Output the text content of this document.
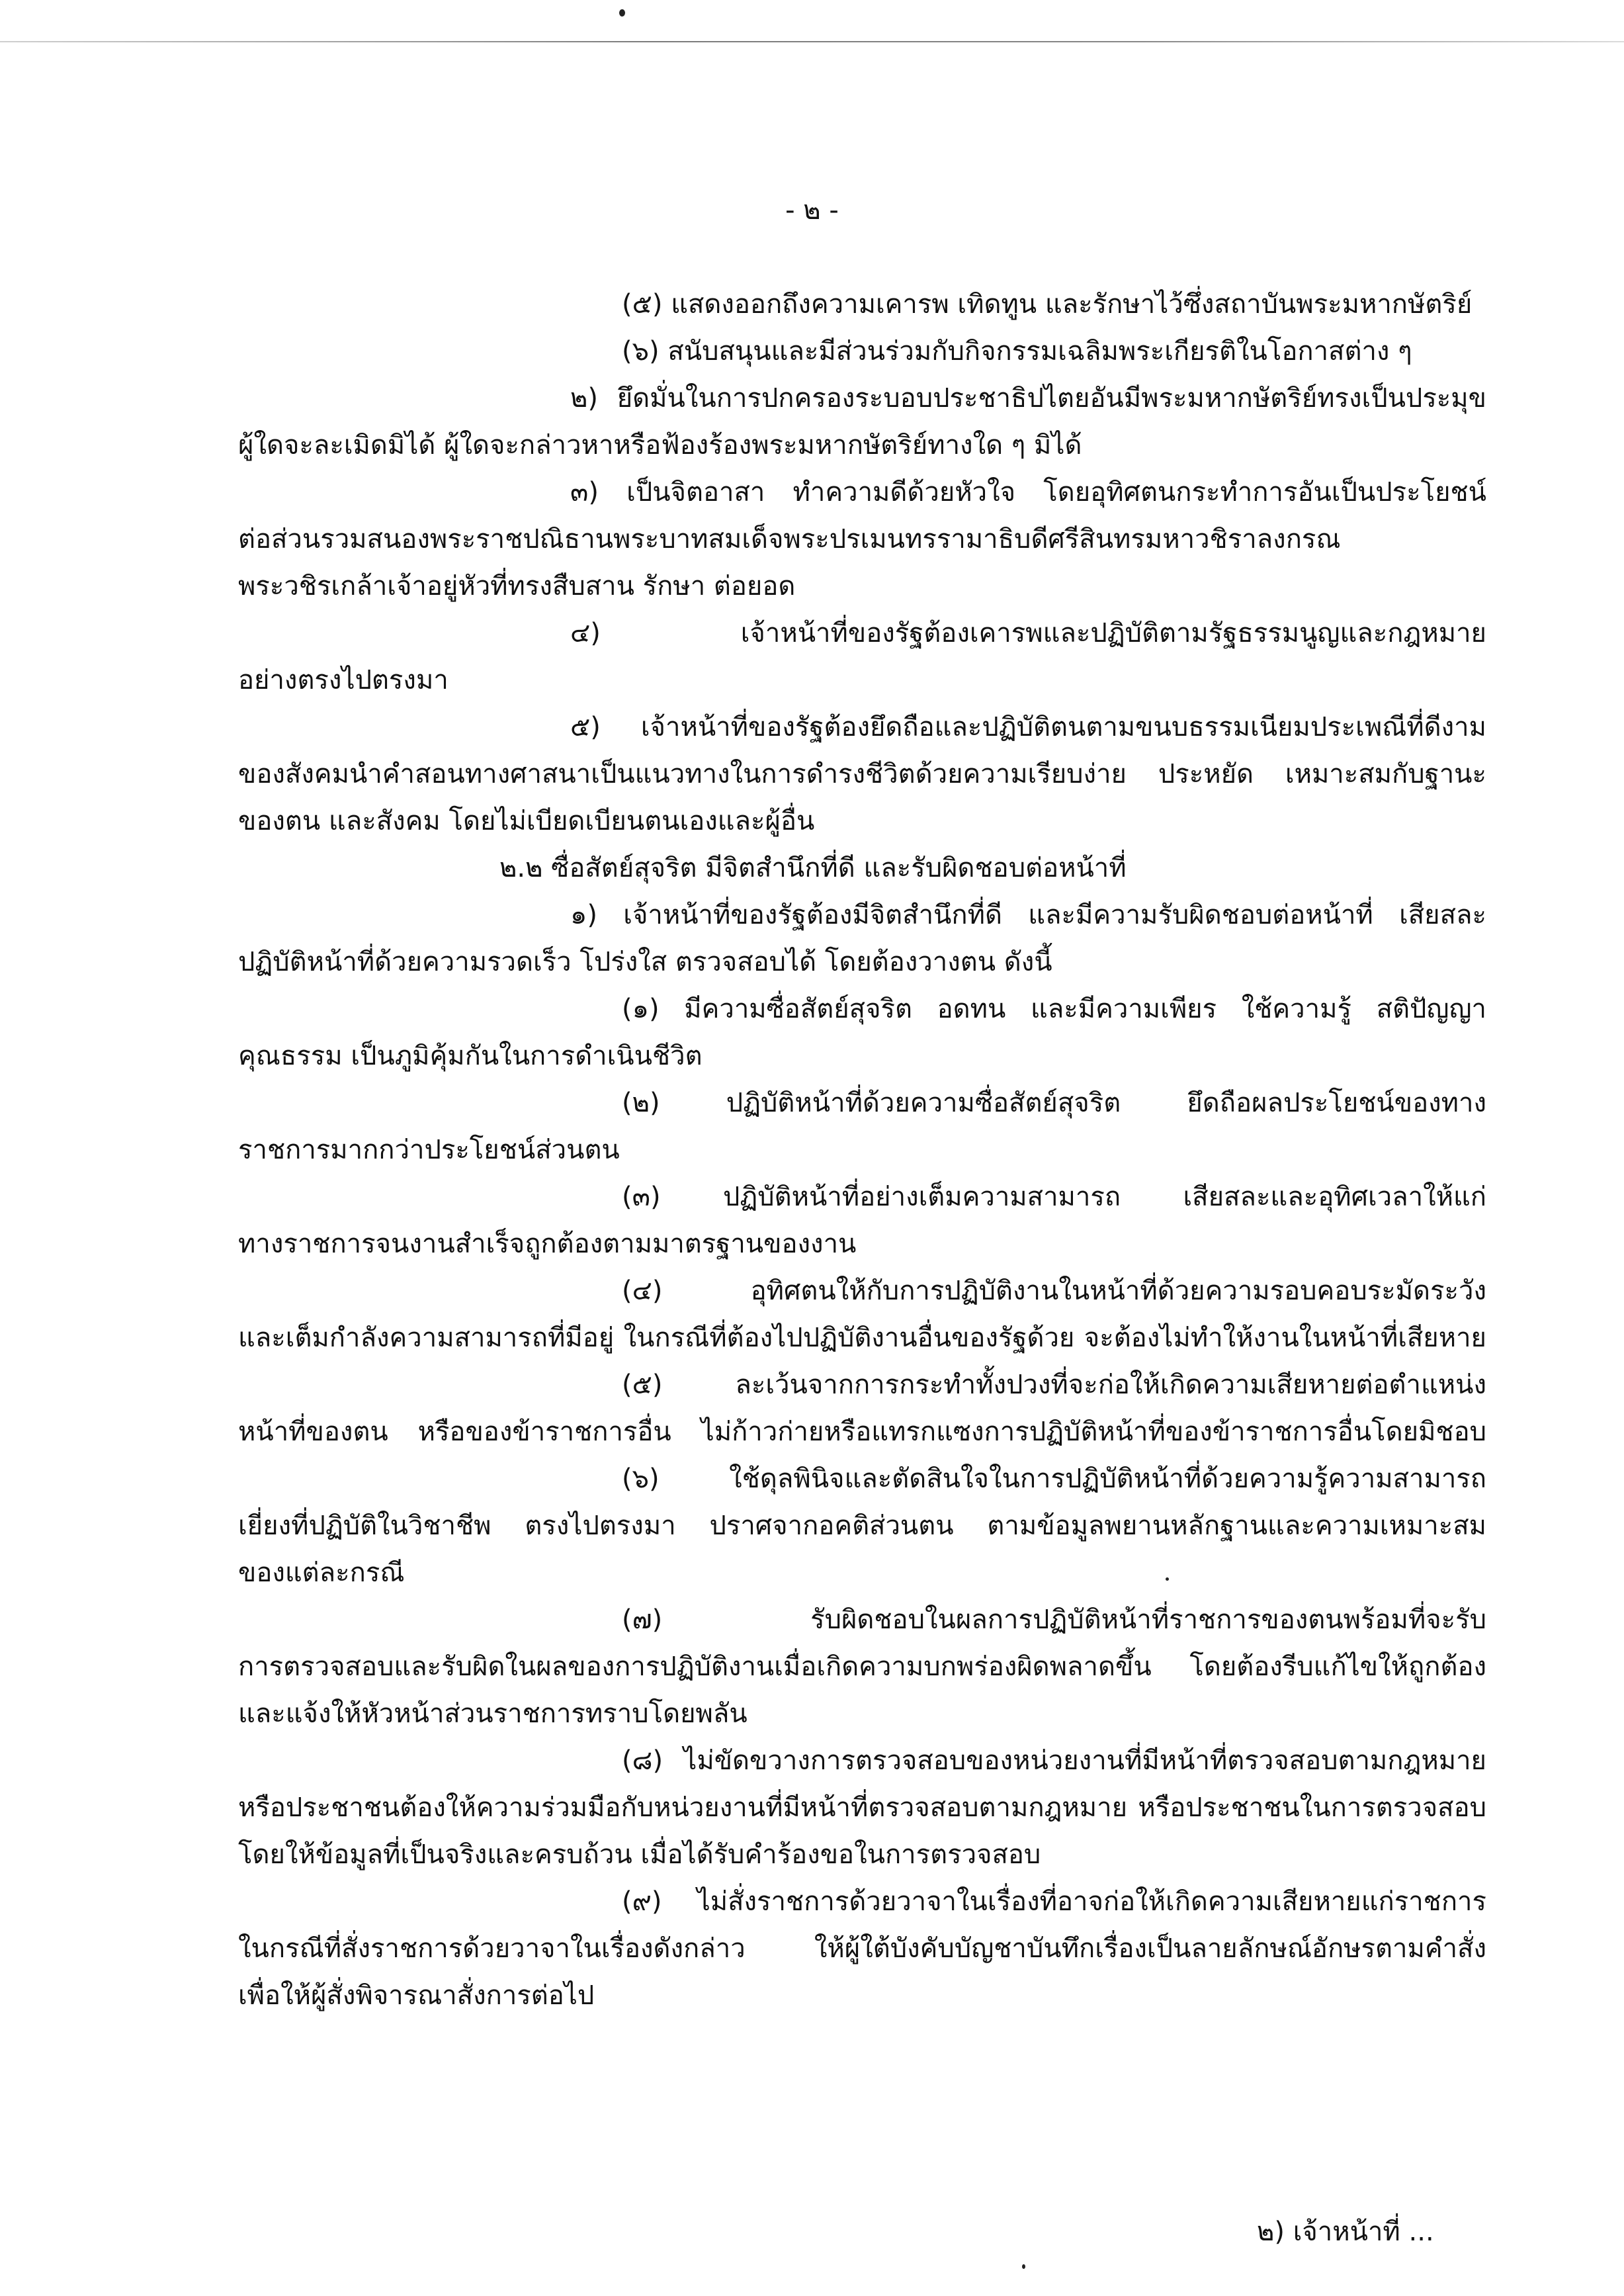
- ๒ -
(๕) แสดงออกถึงความเคารพ เทิดทูน และรักษาไว้ซึ่งสถาบันพระมหากษัตริย์
(๖) สนับสนุนและมีส่วนร่วมกับกิจกรรมเฉลิมพระเกียรติในโอกาสต่าง ๆ
๒) ยึดมั่นในการปกครองระบอบประชาธิปไตยอันมีพระมหากษัตริย์ทรงเป็นประมุข
ผู้ใดจะละเมิดมิได้ ผู้ใดจะกล่าวหาหรือฟ้องร้องพระมหากษัตริย์ทางใด ๆ มิได้
๓) เป็นจิตอาสา ทำความดีด้วยหัวใจ โดยอุทิศตนกระทำการอันเป็นประโยชน์
ต่อส่วนรวมสนองพระราชปณิธานพระบาทสมเด็จพระปรเมนทรรามาธิบดีศรีสินทรมหาวชิราลงกรณ
พระวชิรเกล้าเจ้าอยู่หัวที่ทรงสืบสาน รักษา ต่อยอด
๔) เจ้าหน้าที่ของรัฐต้องเคารพและปฏิบัติตามรัฐธรรมนูญและกฎหมาย
อย่างตรงไปตรงมา
๕) เจ้าหน้าที่ของรัฐต้องยึดถือและปฏิบัติตนตามขนบธรรมเนียมประเพณีที่ดีงาม
ของสังคมนำคำสอนทางศาสนาเป็นแนวทางในการดำรงชีวิตด้วยความเรียบง่าย ประหยัด เหมาะสมกับฐานะ
ของตน และสังคม โดยไม่เบียดเบียนตนเองและผู้อื่น
๒.๒ ซื่อสัตย์สุจริต มีจิตสำนึกที่ดี และรับผิดชอบต่อหน้าที่
๑) เจ้าหน้าที่ของรัฐต้องมีจิตสำนึกที่ดี และมีความรับผิดชอบต่อหน้าที่ เสียสละ
ปฏิบัติหน้าที่ด้วยความรวดเร็ว โปร่งใส ตรวจสอบได้ โดยต้องวางตน ดังนี้
(๑) มีความซื่อสัตย์สุจริต อดทน และมีความเพียร ใช้ความรู้ สติปัญญา
คุณธรรม เป็นภูมิคุ้มกันในการดำเนินชีวิต
(๒) ปฏิบัติหน้าที่ด้วยความซื่อสัตย์สุจริต ยึดถือผลประโยชน์ของทาง
ราชการมากกว่าประโยชน์ส่วนตน
(๓) ปฏิบัติหน้าที่อย่างเต็มความสามารถ เสียสละและอุทิศเวลาให้แก่
ทางราชการจนงานสำเร็จถูกต้องตามมาตรฐานของงาน
(๔) อุทิศตนให้กับการปฏิบัติงานในหน้าที่ด้วยความรอบคอบระมัดระวัง
และเต็มกำลังความสามารถที่มีอยู่ ในกรณีที่ต้องไปปฏิบัติงานอื่นของรัฐด้วย จะต้องไม่ทำให้งานในหน้าที่เสียหาย
(๕) ละเว้นจากการกระทำทั้งปวงที่จะก่อให้เกิดความเสียหายต่อตำแหน่ง
หน้าที่ของตน หรือของข้าราชการอื่น ไม่ก้าวก่ายหรือแทรกแซงการปฏิบัติหน้าที่ของข้าราชการอื่นโดยมิชอบ
(๖) ใช้ดุลพินิจและตัดสินใจในการปฏิบัติหน้าที่ด้วยความรู้ความสามารถ
เยี่ยงที่ปฏิบัติในวิชาชีพ ตรงไปตรงมา ปราศจากอคติส่วนตน ตามข้อมูลพยานหลักฐานและความเหมาะสม
ของแต่ละกรณี
(๗) รับผิดชอบในผลการปฏิบัติหน้าที่ราชการของตนพร้อมที่จะรับ
การตรวจสอบและรับผิดในผลของการปฏิบัติงานเมื่อเกิดความบกพร่องผิดพลาดขึ้น โดยต้องรีบแก้ไขให้ถูกต้อง
และแจ้งให้หัวหน้าส่วนราชการทราบโดยพลัน
(๘) ไม่ขัดขวางการตรวจสอบของหน่วยงานที่มีหน้าที่ตรวจสอบตามกฎหมาย
หรือประชาชนต้องให้ความร่วมมือกับหน่วยงานที่มีหน้าที่ตรวจสอบตามกฎหมาย หรือประชาชนในการตรวจสอบ
โดยให้ข้อมูลที่เป็นจริงและครบถ้วน เมื่อได้รับคำร้องขอในการตรวจสอบ
(๙) ไม่สั่งราชการด้วยวาจาในเรื่องที่อาจก่อให้เกิดความเสียหายแก่ราชการ
ในกรณีที่สั่งราชการด้วยวาจาในเรื่องดังกล่าว ให้ผู้ใต้บังคับบัญชาบันทึกเรื่องเป็นลายลักษณ์อักษรตามคำสั่ง
เพื่อให้ผู้สั่งพิจารณาสั่งการต่อไป
๒) เจ้าหน้าที่ ...
